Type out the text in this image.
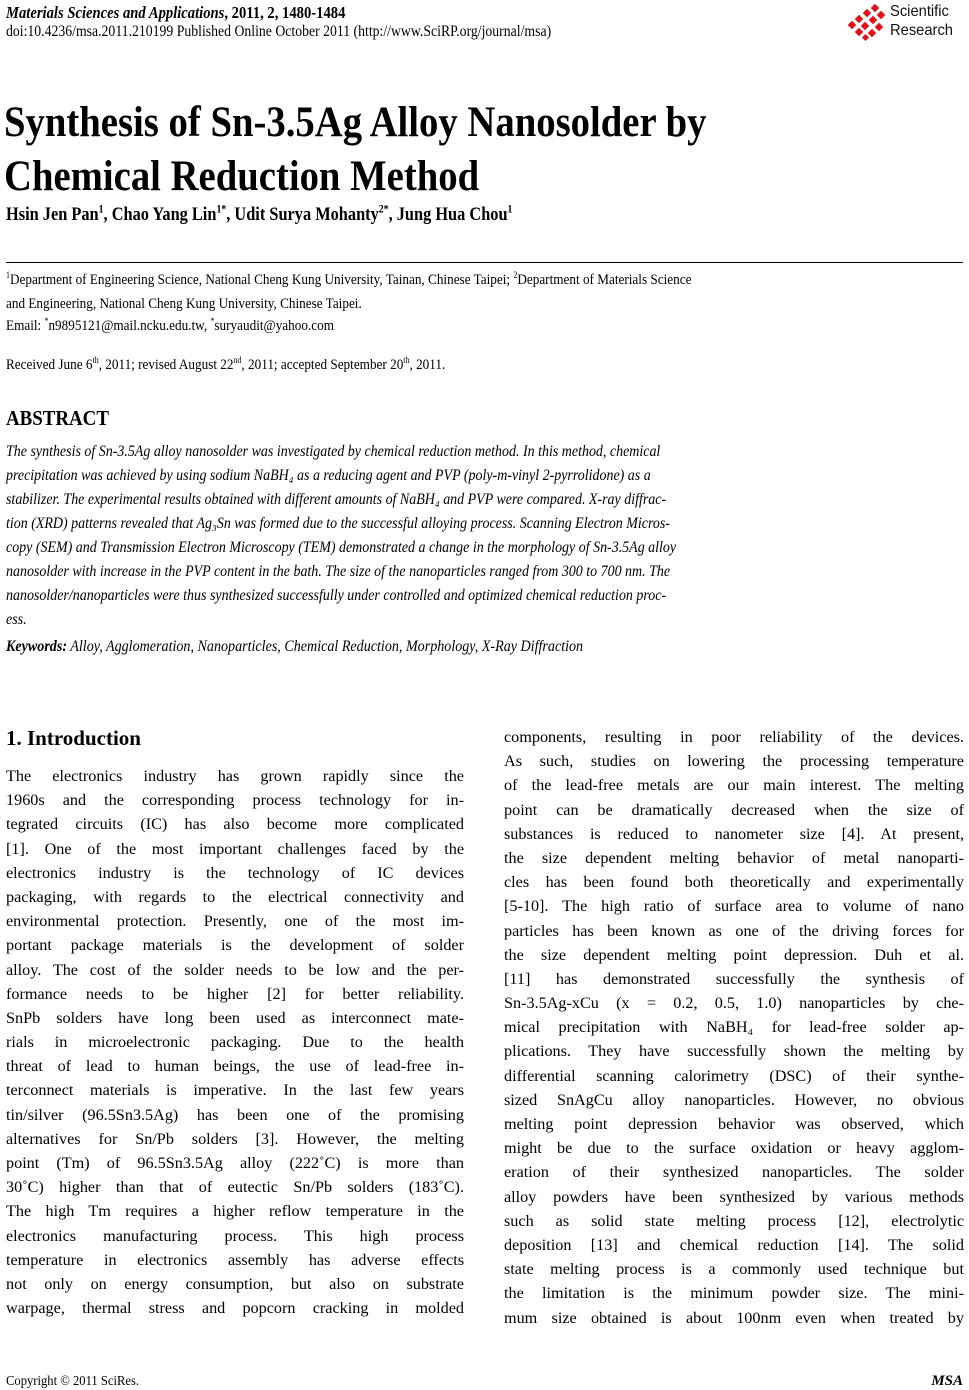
Materials Sciences and Applications, 2011, 2, 1480-1484
doi:10.4236/msa.2011.210199 Published Online October 2011 (http://www.SciRP.org/journal/msa)
Scientific
Research
Synthesis of Sn-3.5Ag Alloy Nanosolder by
Chemical Reduction Method
Hsin Jen Pan$^1$, Chao Yang Lin$^{1*}$, Udit Surya Mohanty$^{2*}$, Jung Hua Chou$^1$
$^1$Department of Engineering Science, National Cheng Kung University, Tainan, Chinese Taipei; $^2$Department of Materials Science
and Engineering, National Cheng Kung University, Chinese Taipei.
Email: *n9895121@mail.ncku.edu.tw, *suryaudit@yahoo.com
Received June 6th, 2011; revised August 22nd, 2011; accepted September 20th, 2011.
ABSTRACT
The synthesis of Sn-3.5Ag alloy nanosolder was investigated by chemical reduction method. In this method, chemical
precipitation was achieved by using sodium NaBH₄ as a reducing agent and PVP (poly-m-vinyl 2-pyrrolidone) as a
stabilizer. The experimental results obtained with different amounts of NaBH₄ and PVP were compared. X-ray diffrac-
tion (XRD) patterns revealed that Ag₃Sn was formed due to the successful alloying process. Scanning Electron Micros-
copy (SEM) and Transmission Electron Microscopy (TEM) demonstrated a change in the morphology of Sn-3.5Ag alloy
nanosolder with increase in the PVP content in the bath. The size of the nanoparticles ranged from 300 to 700 nm. The
nanosolder/nanoparticles were thus synthesized successfully under controlled and optimized chemical reduction proc-
ess.
Keywords: Alloy, Agglomeration, Nanoparticles, Chemical Reduction, Morphology, X-Ray Diffraction
1. Introduction
The electronics industry has grown rapidly since the
1960s and the corresponding process technology for in-
tegrated circuits (IC) has also become more complicated
[1]. One of the most important challenges faced by the
electronics industry is the technology of IC devices
packaging, with regards to the electrical connectivity and
environmental protection. Presently, one of the most im-
portant package materials is the development of solder
alloy. The cost of the solder needs to be low and the per-
formance needs to be higher [2] for better reliability.
SnPb solders have long been used as interconnect mate-
rials in microelectronic packaging. Due to the health
threat of lead to human beings, the use of lead-free in-
terconnect materials is imperative. In the last few years
tin/silver (96.5Sn3.5Ag) has been one of the promising
alternatives for Sn/Pb solders [3]. However, the melting
point (Tm) of 96.5Sn3.5Ag alloy (222˚C) is more than
30˚C) higher than that of eutectic Sn/Pb solders (183˚C).
The high Tm requires a higher reflow temperature in the
electronics manufacturing process. This high process
temperature in electronics assembly has adverse effects
not only on energy consumption, but also on substrate
warpage, thermal stress and popcorn cracking in molded
components, resulting in poor reliability of the devices.
As such, studies on lowering the processing temperature
of the lead-free metals are our main interest. The melting
point can be dramatically decreased when the size of
substances is reduced to nanometer size [4]. At present,
the size dependent melting behavior of metal nanoparti-
cles has been found both theoretically and experimentally
[5-10]. The high ratio of surface area to volume of nano
particles has been known as one of the driving forces for
the size dependent melting point depression. Duh et al.
[11] has demonstrated successfully the synthesis of
Sn-3.5Ag-xCu (x = 0.2, 0.5, 1.0) nanoparticles by che-
mical precipitation with NaBH₄ for lead-free solder ap-
plications. They have successfully shown the melting by
differential scanning calorimetry (DSC) of their synthe-
sized SnAgCu alloy nanoparticles. However, no obvious
melting point depression behavior was observed, which
might be due to the surface oxidation or heavy agglom-
eration of their synthesized nanoparticles. The solder
alloy powders have been synthesized by various methods
such as solid state melting process [12], electrolytic
deposition [13] and chemical reduction [14]. The solid
state melting process is a commonly used technique but
the limitation is the minimum powder size. The mini-
mum size obtained is about 100nm even when treated by
Copyright © 2011 SciRes.	MSA
